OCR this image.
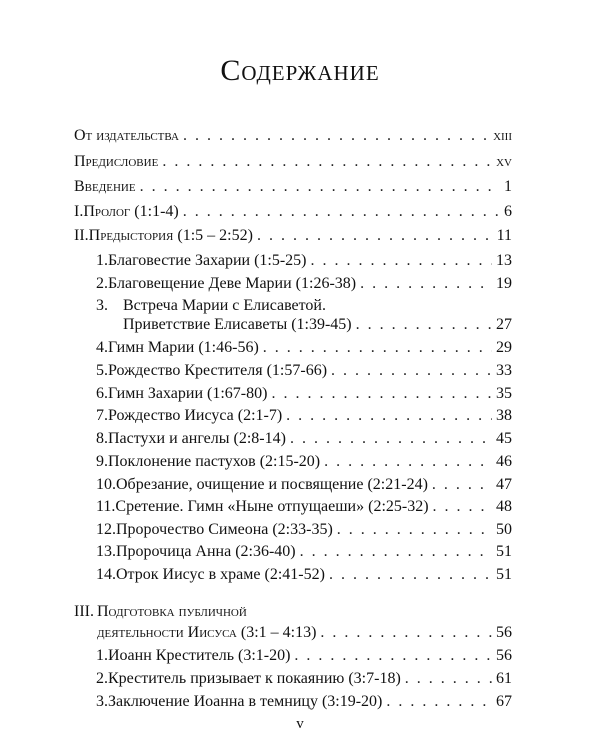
Содержание
От издательства . . .	xiii
Предисловие . . .	xv
Введение . . .	1
I. Пролог (1:1-4) . . .	6
II. Предыстория (1:5 – 2:52) . . .	11
1. Благовестие Захарии (1:5-25) . . .	13
2. Благовещение Деве Марии (1:26-38) . . .	19
3. Встреча Марии с Елисаветой.
Приветствие Елисаветы (1:39-45) . . .	27
4. Гимн Марии (1:46-56) . . .	29
5. Рождество Крестителя (1:57-66) . . .	33
6. Гимн Захарии (1:67-80) . . .	35
7. Рождество Иисуса (2:1-7) . . .	38
8. Пастухи и ангелы (2:8-14) . . .	45
9. Поклонение пастухов (2:15-20) . . .	46
10. Обрезание, очищение и посвящение (2:21-24) . . .	47
11. Сретение. Гимн «Ныне отпущаеши» (2:25-32) . . .	48
12. Пророчество Симеона (2:33-35) . . .	50
13. Пророчица Анна (2:36-40) . . .	51
14. Отрок Иисус в храме (2:41-52) . . .	51
III. Подготовка публичной
деятельности Иисуса (3:1 – 4:13) . . .	56
1. Иоанн Креститель (3:1-20) . . .	56
2. Креститель призывает к покаянию (3:7-18) . . .	61
3. Заключение Иоанна в темницу (3:19-20) . . .	67
v
